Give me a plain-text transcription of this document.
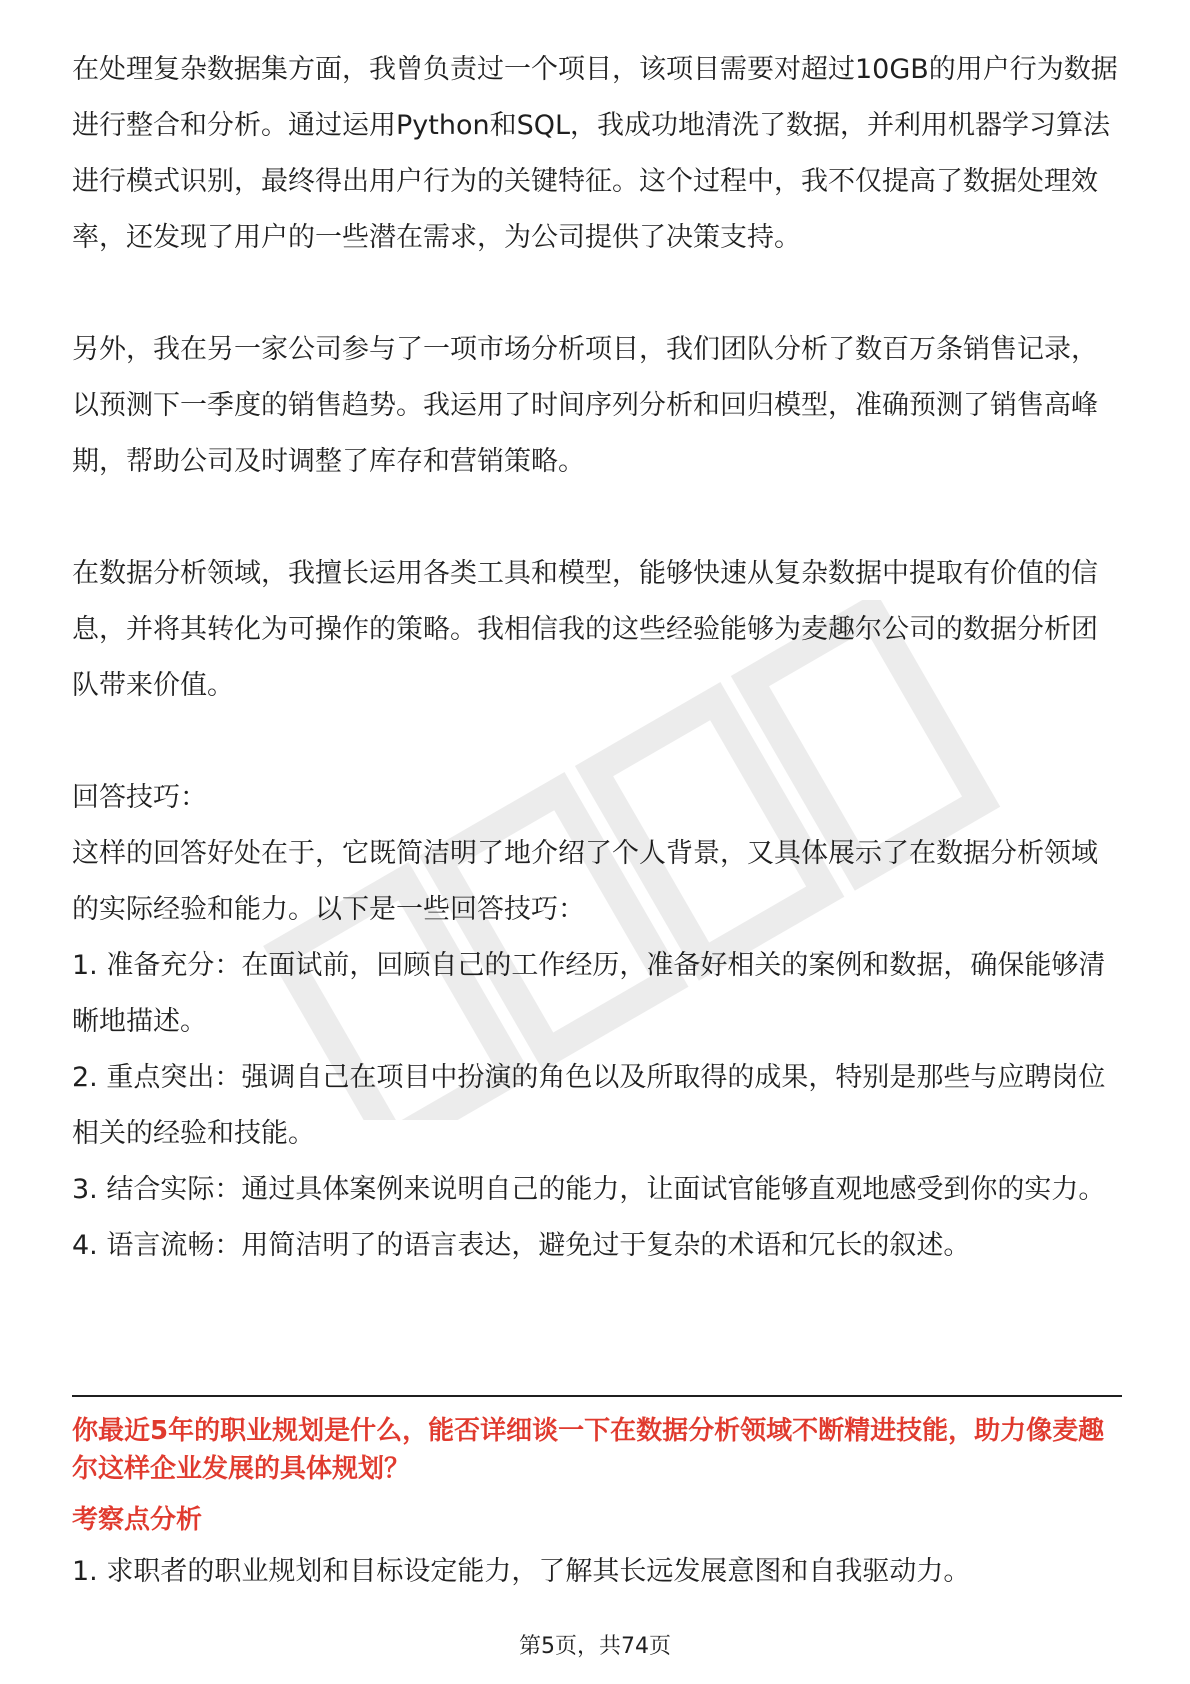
在处理复杂数据集方面，我曾负责过一个项目，该项目需要对超过10GB的用户行为数据进行整合和分析。通过运用Python和SQL，我成功地清洗了数据，并利用机器学习算法进行模式识别，最终得出用户行为的关键特征。这个过程中，我不仅提高了数据处理效率，还发现了用户的一些潜在需求，为公司提供了决策支持。

另外，我在另一家公司参与了一项市场分析项目，我们团队分析了数百万条销售记录，以预测下一季度的销售趋势。我运用了时间序列分析和回归模型，准确预测了销售高峰期，帮助公司及时调整了库存和营销策略。

在数据分析领域，我擅长运用各类工具和模型，能够快速从复杂数据中提取有价值的信息，并将其转化为可操作的策略。我相信我的这些经验能够为麦趣尔公司的数据分析团队带来价值。

回答技巧：

这样的回答好处在于，它既简洁明了地介绍了个人背景，又具体展示了在数据分析领域的实际经验和能力。以下是一些回答技巧：

1. 准备充分：在面试前，回顾自己的工作经历，准备好相关的案例和数据，确保能够清晰地描述。

2. 重点突出：强调自己在项目中扮演的角色以及所取得的成果，特别是那些与应聘岗位相关的经验和技能。

3. 结合实际：通过具体案例来说明自己的能力，让面试官能够直观地感受到你的实力。

4. 语言流畅：用简洁明了的语言表达，避免过于复杂的术语和冗长的叙述。

你最近5年的职业规划是什么，能否详细谈一下在数据分析领域不断精进技能，助力像麦趣尔这样企业发展的具体规划？

考察点分析

1. 求职者的职业规划和目标设定能力，了解其长远发展意图和自我驱动力。

第5页，共74页
